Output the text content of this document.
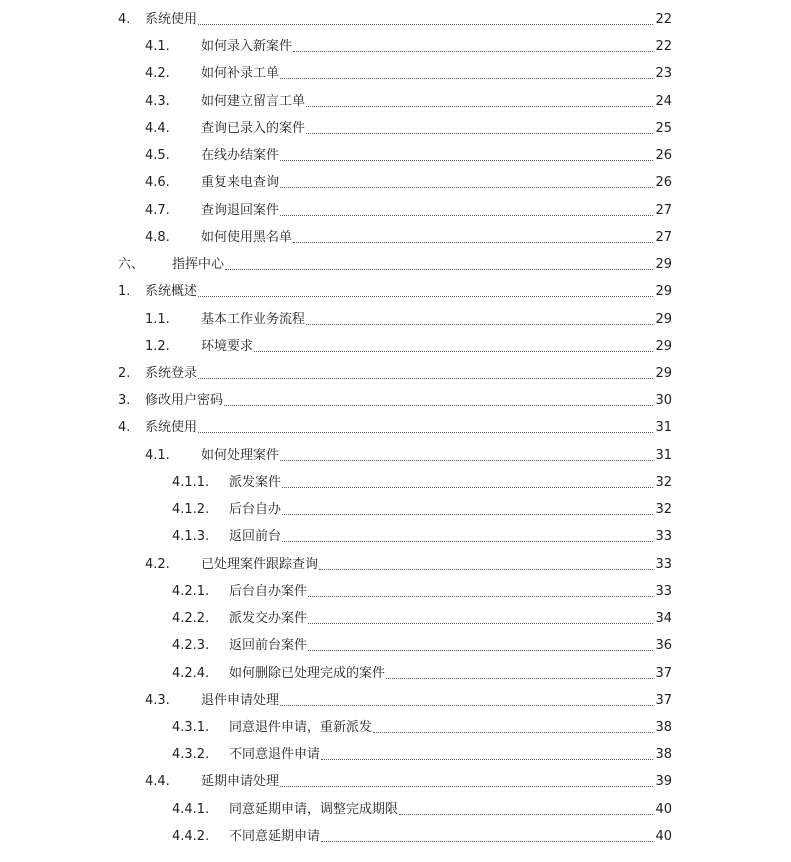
4. 系统使用	22
4.1. 如何录入新案件	22
4.2. 如何补录工单	23
4.3. 如何建立留言工单	24
4.4. 查询已录入的案件	25
4.5. 在线办结案件	26
4.6. 重复来电查询	26
4.7. 查询退回案件	27
4.8. 如何使用黑名单	27
六、 指挥中心	29
1. 系统概述	29
1.1. 基本工作业务流程	29
1.2. 环境要求	29
2. 系统登录	29
3. 修改用户密码	30
4. 系统使用	31
4.1. 如何处理案件	31
4.1.1. 派发案件	32
4.1.2. 后台自办	32
4.1.3. 返回前台	33
4.2. 已处理案件跟踪查询	33
4.2.1. 后台自办案件	33
4.2.2. 派发交办案件	34
4.2.3. 返回前台案件	36
4.2.4. 如何删除已处理完成的案件	37
4.3. 退件申请处理	37
4.3.1. 同意退件申请，重新派发	38
4.3.2. 不同意退件申请	38
4.4. 延期申请处理	39
4.4.1. 同意延期申请，调整完成期限	40
4.4.2. 不同意延期申请	40
